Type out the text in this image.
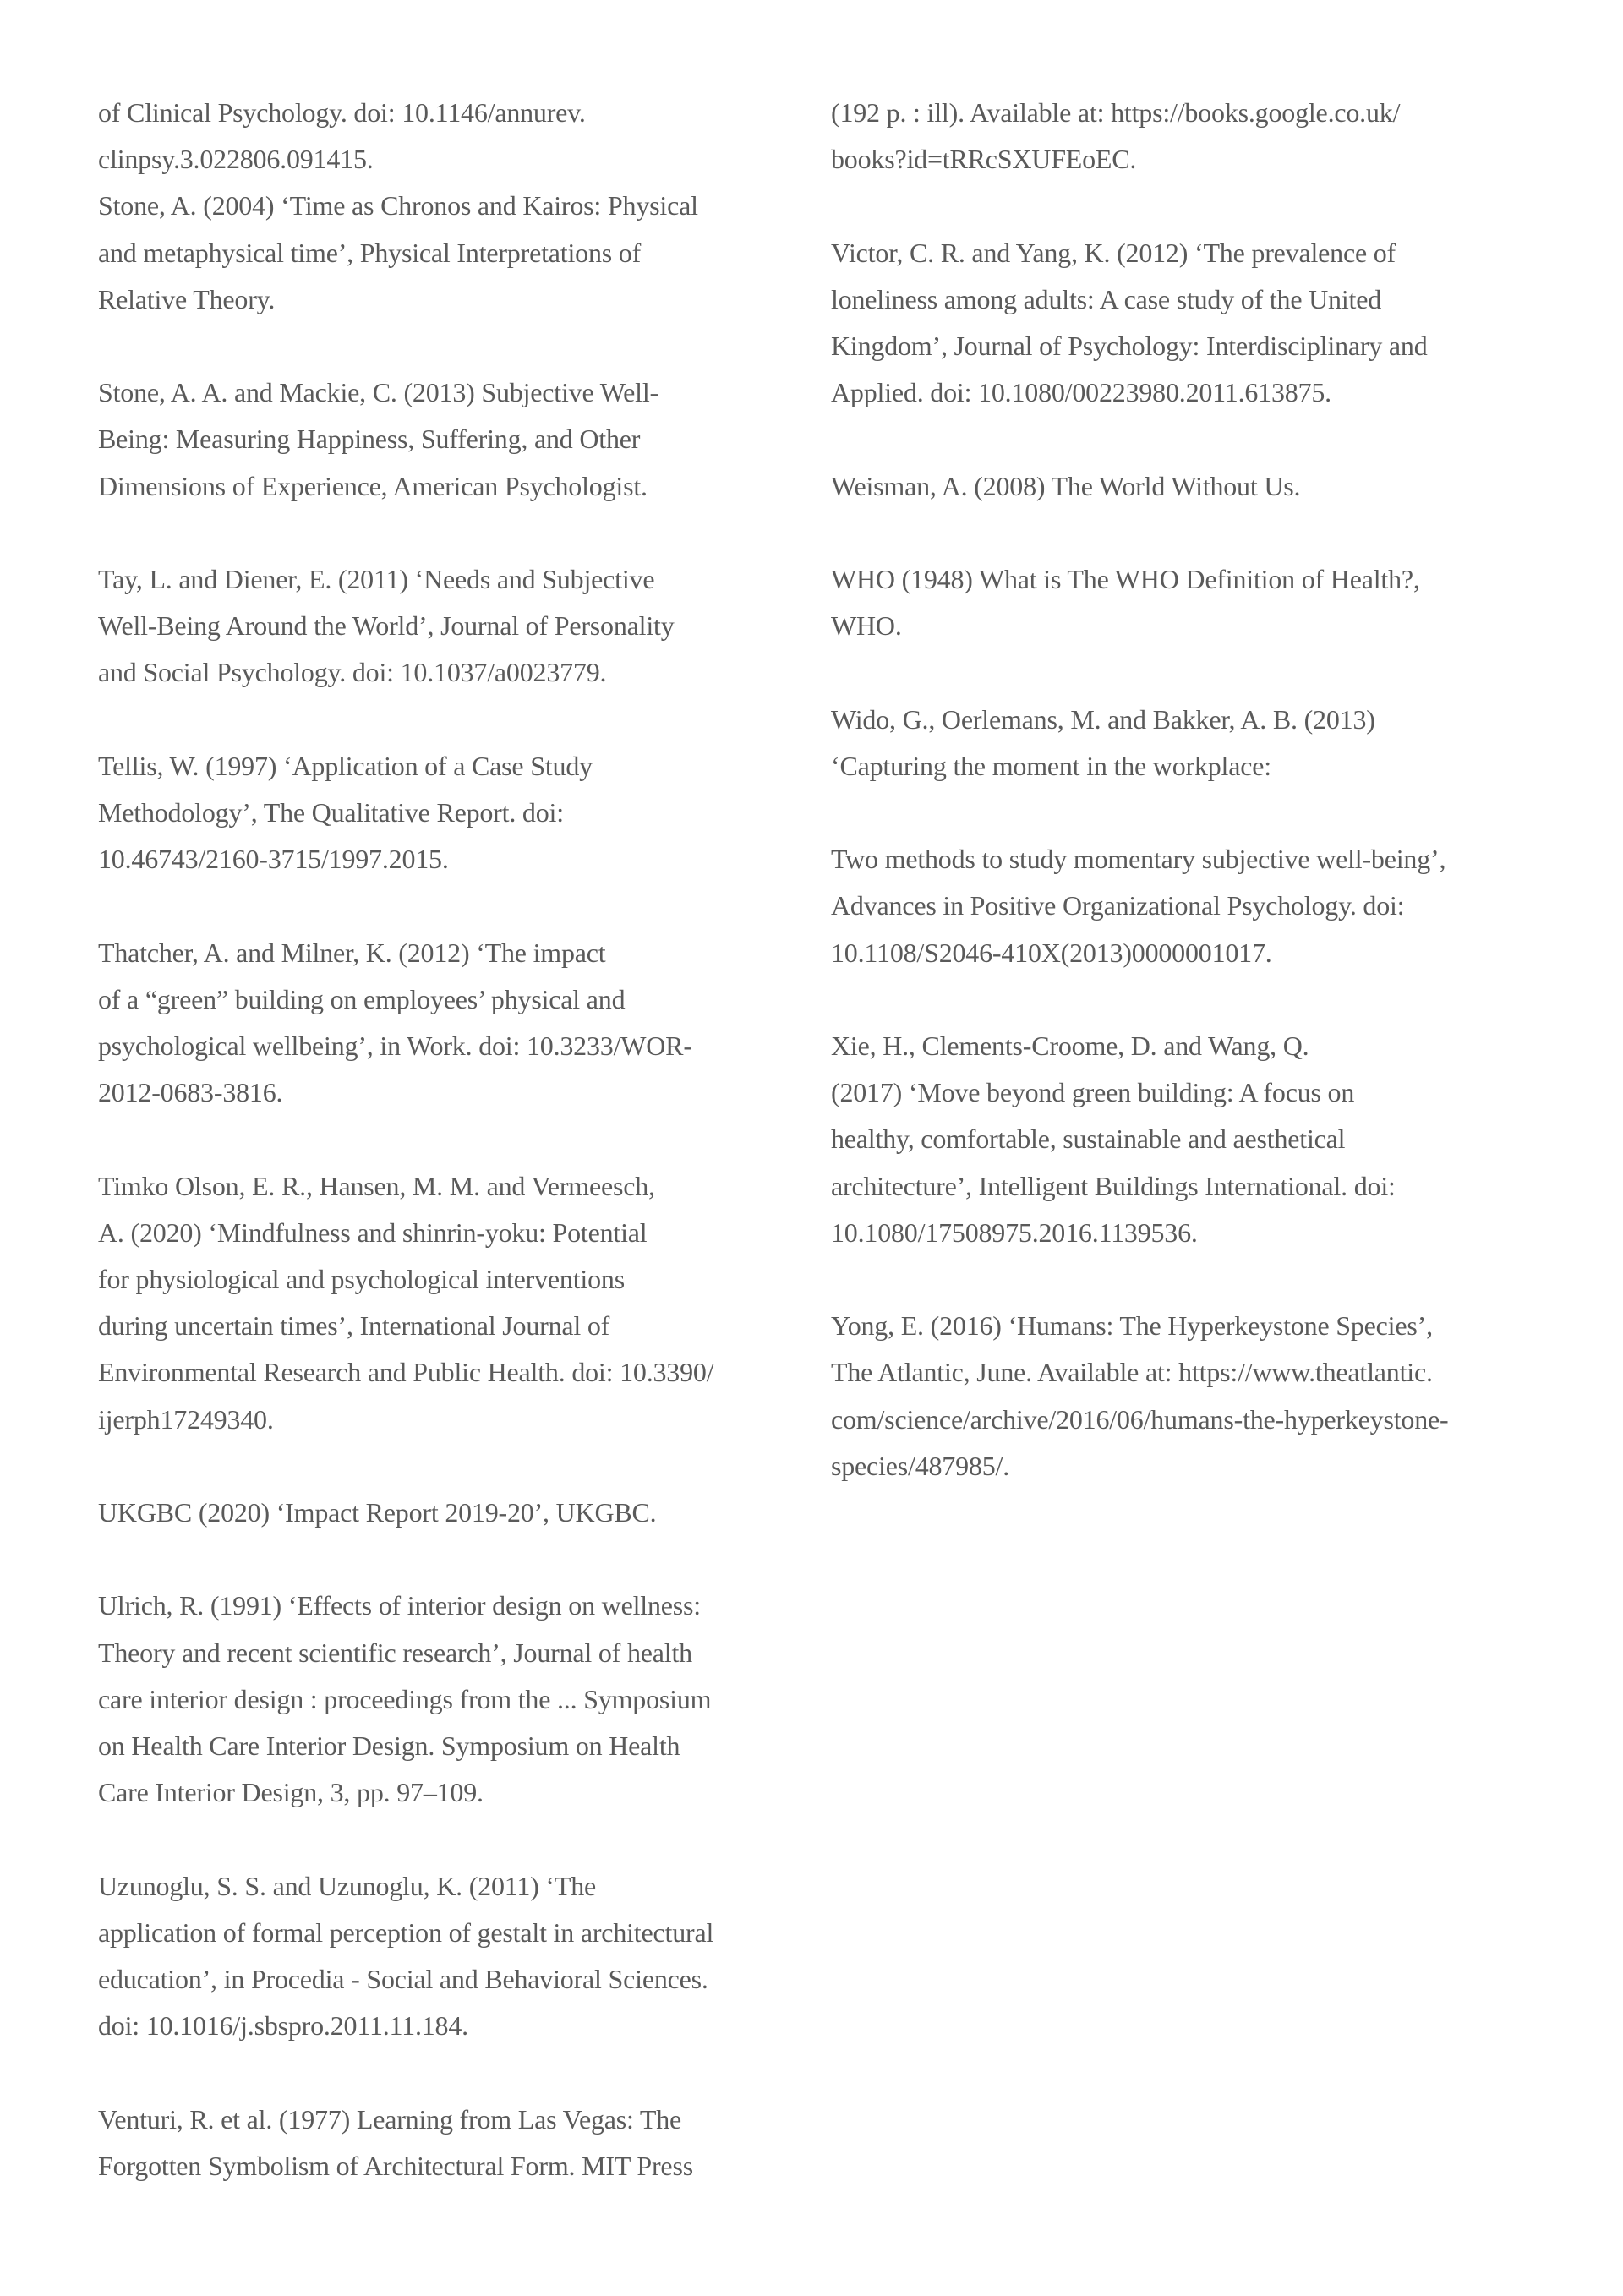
of Clinical Psychology. doi: 10.1146/annurev.
clinpsy.3.022806.091415.
Stone, A. (2004) ‘Time as Chronos and Kairos: Physical
and metaphysical time’, Physical Interpretations of
Relative Theory.
Stone, A. A. and Mackie, C. (2013) Subjective Well-
Being: Measuring Happiness, Suffering, and Other
Dimensions of Experience, American Psychologist.
Tay, L. and Diener, E. (2011) ‘Needs and Subjective
Well-Being Around the World’, Journal of Personality
and Social Psychology. doi: 10.1037/a0023779.
Tellis, W. (1997) ‘Application of a Case Study
Methodology’, The Qualitative Report. doi:
10.46743/2160-3715/1997.2015.
Thatcher, A. and Milner, K. (2012) ‘The impact
of a “green” building on employees’ physical and
psychological wellbeing’, in Work. doi: 10.3233/WOR-
2012-0683-3816.
Timko Olson, E. R., Hansen, M. M. and Vermeesch,
A. (2020) ‘Mindfulness and shinrin-yoku: Potential
for physiological and psychological interventions
during uncertain times’, International Journal of
Environmental Research and Public Health. doi: 10.3390/
ijerph17249340.
UKGBC (2020) ‘Impact Report 2019-20’, UKGBC.
Ulrich, R. (1991) ‘Effects of interior design on wellness:
Theory and recent scientific research’, Journal of health
care interior design : proceedings from the ... Symposium
on Health Care Interior Design. Symposium on Health
Care Interior Design, 3, pp. 97–109.
Uzunoglu, S. S. and Uzunoglu, K. (2011) ‘The
application of formal perception of gestalt in architectural
education’, in Procedia - Social and Behavioral Sciences.
doi: 10.1016/j.sbspro.2011.11.184.
Venturi, R. et al. (1977) Learning from Las Vegas: The
Forgotten Symbolism of Architectural Form. MIT Press
(192 p. : ill). Available at: https://books.google.co.uk/
books?id=tRRcSXUFEoEC.
Victor, C. R. and Yang, K. (2012) ‘The prevalence of
loneliness among adults: A case study of the United
Kingdom’, Journal of Psychology: Interdisciplinary and
Applied. doi: 10.1080/00223980.2011.613875.
Weisman, A. (2008) The World Without Us.
WHO (1948) What is The WHO Definition of Health?,
WHO.
Wido, G., Oerlemans, M. and Bakker, A. B. (2013)
‘Capturing the moment in the workplace:
Two methods to study momentary subjective well-being’,
Advances in Positive Organizational Psychology. doi:
10.1108/S2046-410X(2013)0000001017.
Xie, H., Clements-Croome, D. and Wang, Q.
(2017) ‘Move beyond green building: A focus on
healthy, comfortable, sustainable and aesthetical
architecture’, Intelligent Buildings International. doi:
10.1080/17508975.2016.1139536.
Yong, E. (2016) ‘Humans: The Hyperkeystone Species’,
The Atlantic, June. Available at: https://www.theatlantic.
com/science/archive/2016/06/humans-the-hyperkeystone-
species/487985/.
